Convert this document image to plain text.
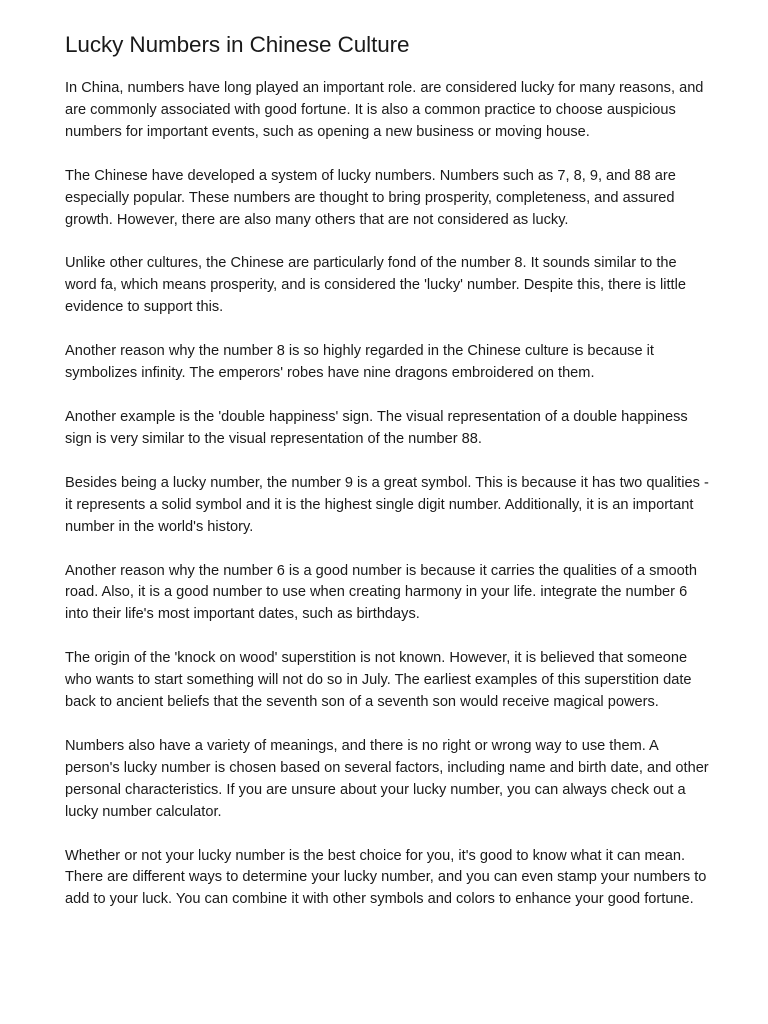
Lucky Numbers in Chinese Culture

In China, numbers have long played an important role. are considered lucky for many reasons, and are commonly associated with good fortune. It is also a common practice to choose auspicious numbers for important events, such as opening a new business or moving house.

The Chinese have developed a system of lucky numbers. Numbers such as 7, 8, 9, and 88 are especially popular. These numbers are thought to bring prosperity, completeness, and assured growth. However, there are also many others that are not considered as lucky.

Unlike other cultures, the Chinese are particularly fond of the number 8. It sounds similar to the word fa, which means prosperity, and is considered the 'lucky' number. Despite this, there is little evidence to support this.

Another reason why the number 8 is so highly regarded in the Chinese culture is because it symbolizes infinity. The emperors' robes have nine dragons embroidered on them.

Another example is the 'double happiness' sign. The visual representation of a double happiness sign is very similar to the visual representation of the number 88.

Besides being a lucky number, the number 9 is a great symbol. This is because it has two qualities - it represents a solid symbol and it is the highest single digit number. Additionally, it is an important number in the world's history.

Another reason why the number 6 is a good number is because it carries the qualities of a smooth road. Also, it is a good number to use when creating harmony in your life. integrate the number 6 into their life's most important dates, such as birthdays.

The origin of the 'knock on wood' superstition is not known. However, it is believed that someone who wants to start something will not do so in July. The earliest examples of this superstition date back to ancient beliefs that the seventh son of a seventh son would receive magical powers.

Numbers also have a variety of meanings, and there is no right or wrong way to use them. A person's lucky number is chosen based on several factors, including name and birth date, and other personal characteristics. If you are unsure about your lucky number, you can always check out a lucky number calculator.

Whether or not your lucky number is the best choice for you, it's good to know what it can mean. There are different ways to determine your lucky number, and you can even stamp your numbers to add to your luck. You can combine it with other symbols and colors to enhance your good fortune.
